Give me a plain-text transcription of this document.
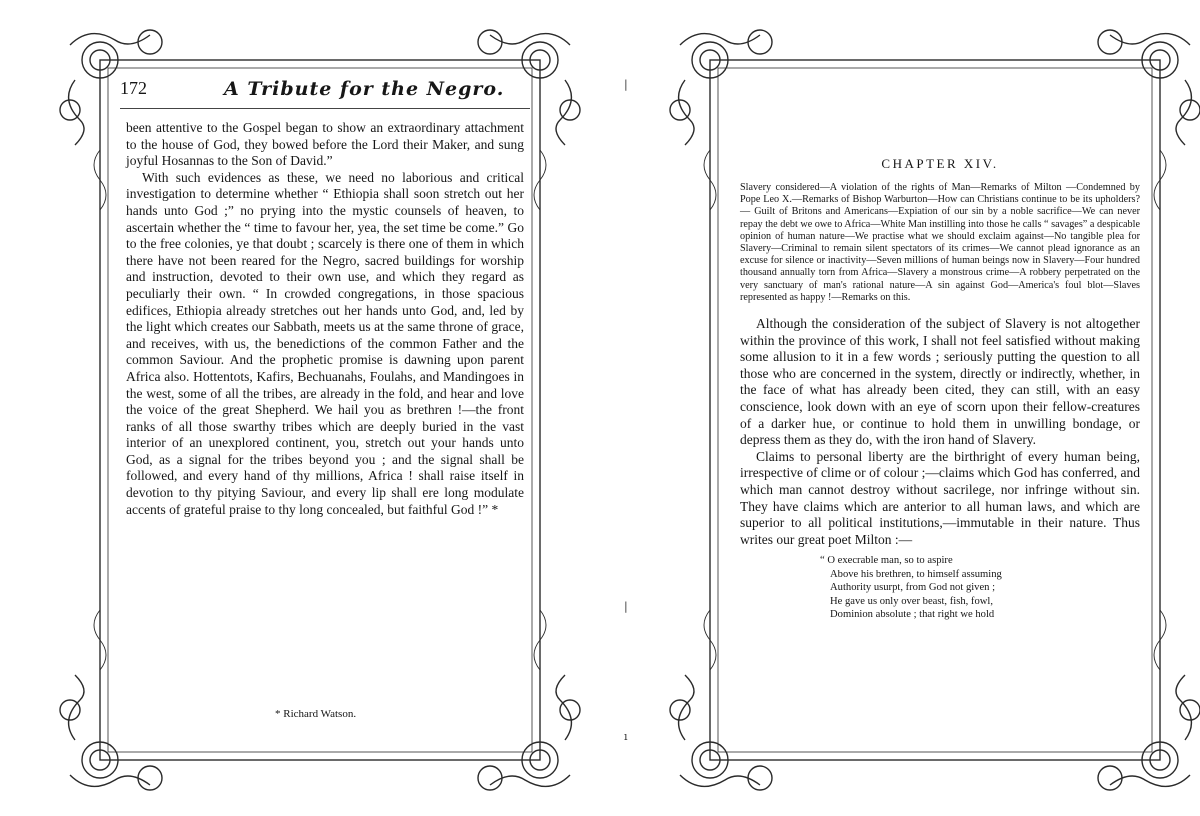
172	A Tribute for the Negro.

been attentive to the Gospel began to show an extraordinary attachment to the house of God, they bowed before the Lord their Maker, and sung joyful Hosannas to the Son of David.”

With such evidences as these, we need no laborious and critical investigation to determine whether “ Ethiopia shall soon stretch out her hands unto God ;” no prying into the mystic counsels of heaven, to ascertain whether the “ time to favour her, yea, the set time be come.” Go to the free colonies, ye that doubt ; scarcely is there one of them in which there have not been reared for the Negro, sacred buildings for worship and instruction, devoted to their own use, and which they regard as peculiarly their own. “ In crowded congregations, in those spacious edifices, Ethiopia already stretches out her hands unto God, and, led by the light which creates our Sabbath, meets us at the same throne of grace, and receives, with us, the benedictions of the common Father and the common Saviour. And the prophetic promise is dawning upon parent Africa also. Hottentots, Kafirs, Bechuanahs, Foulahs, and Mandingoes in the west, some of all the tribes, are already in the fold, and hear and love the voice of the great Shepherd. We hail you as brethren !—the front ranks of all those swarthy tribes which are deeply buried in the vast interior of an unexplored continent, you, stretch out your hands unto God, as a signal for the tribes beyond you ; and the signal shall be followed, and every hand of thy millions, Africa ! shall raise itself in devotion to thy pitying Saviour, and every lip shall ere long modulate accents of grateful praise to thy long concealed, but faithful God !” *

* Richard Watson.
|
|
ı
CHAPTER XIV.

Slavery considered—A violation of the rights of Man—Remarks of Milton —Condemned by Pope Leo X.—Remarks of Bishop Warburton—How can Christians continue to be its upholders?— Guilt of Britons and Americans—Expiation of our sin by a noble sacrifice—We can never repay the debt we owe to Africa—White Man instilling into those he calls “ savages” a despicable opinion of human nature—We practise what we should exclaim against—No tangible plea for Slavery—Criminal to remain silent spectators of its crimes—We cannot plead ignorance as an excuse for silence or inactivity—Seven millions of human beings now in Slavery—Four hundred thousand annually torn from Africa—Slavery a monstrous crime—A robbery perpetrated on the very sanctuary of man's rational nature—A sin against God—America's foul blot—Slaves represented as happy !—Remarks on this.

Although the consideration of the subject of Slavery is not altogether within the province of this work, I shall not feel satisfied without making some allusion to it in a few words ; seriously putting the question to all those who are concerned in the system, directly or indirectly, whether, in the face of what has already been cited, they can still, with an easy conscience, look down with an eye of scorn upon their fellow-creatures of a darker hue, or continue to hold them in unwilling bondage, or depress them as they do, with the iron hand of Slavery.

Claims to personal liberty are the birthright of every human being, irrespective of clime or of colour ;—claims which God has conferred, and which man cannot destroy without sacrilege, nor infringe without sin. They have claims which are anterior to all human laws, and which are superior to all political institutions,—immutable in their nature. Thus writes our great poet Milton :—

“ O execrable man, so to aspire
Above his brethren, to himself assuming
Authority usurpt, from God not given ;
He gave us only over beast, fish, fowl,
Dominion absolute ; that right we hold
